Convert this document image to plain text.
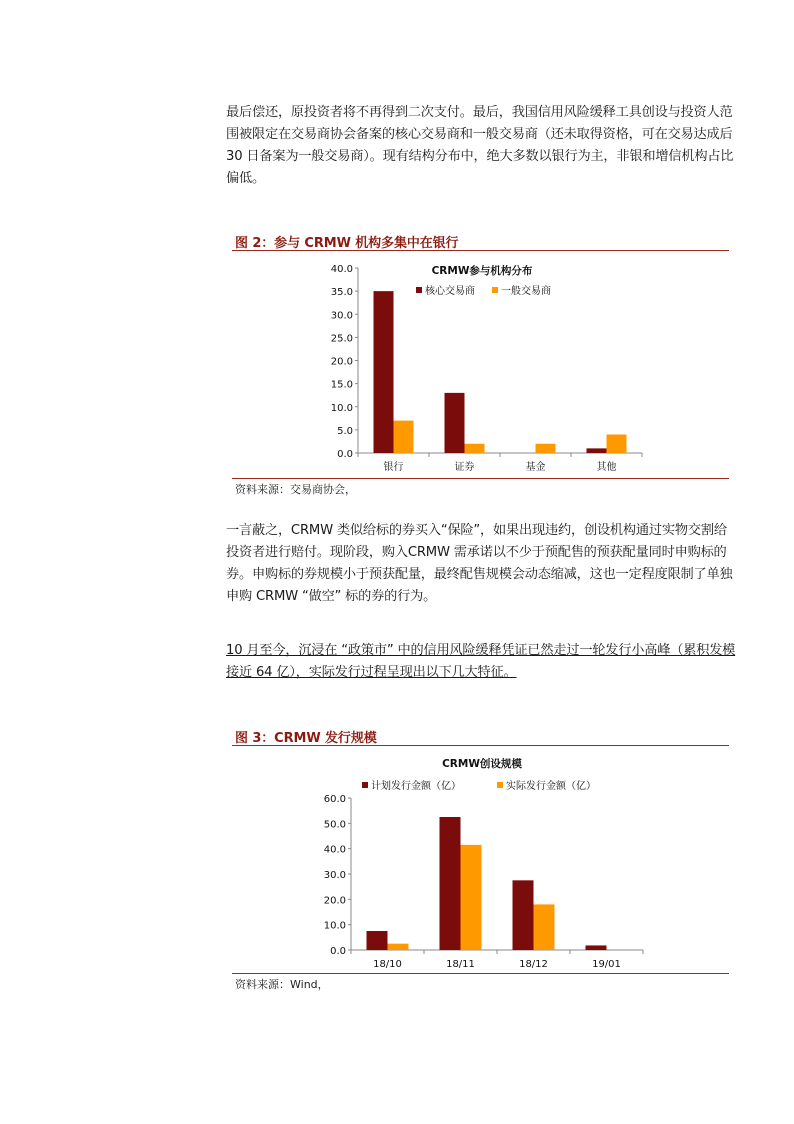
最后偿还，原投资者将不再得到二次支付。最后，我国信用风险缓释工具创设与投资人范
围被限定在交易商协会备案的核心交易商和一般交易商（还未取得资格，可在交易达成后
30 日备案为一般交易商）。现有结构分布中，绝大多数以银行为主，非银和增信机构占比
偏低。
图 2：参与 CRMW 机构多集中在银行
CRMW参与机构分布
40.0
35.0
30.0
25.0
20.0
15.0
10.0
5.0
0.0
银行	证券	基金	其他
核心交易商	一般交易商
资料来源：交易商协会，
一言蔽之，CRMW 类似给标的券买入“保险”，如果出现违约，创设机构通过实物交割给
投资者进行赔付。现阶段，购入CRMW 需承诺以不少于预配售的预获配量同时申购标的
券。申购标的券规模小于预获配量，最终配售规模会动态缩减，这也一定程度限制了单独
申购 CRMW “做空” 标的券的行为。
10 月至今，沉浸在 “政策市” 中的信用风险缓释凭证已然走过一轮发行小高峰（累积发模
接近 64 亿），实际发行过程呈现出以下几大特征。
图 3：CRMW 发行规模
CRMW创设规模
60.0
50.0
40.0
30.0
20.0
10.0
0.0
18/10	18/11	18/12	19/01
计划发行金额（亿）	实际发行金额（亿）
资料来源：Wind，
